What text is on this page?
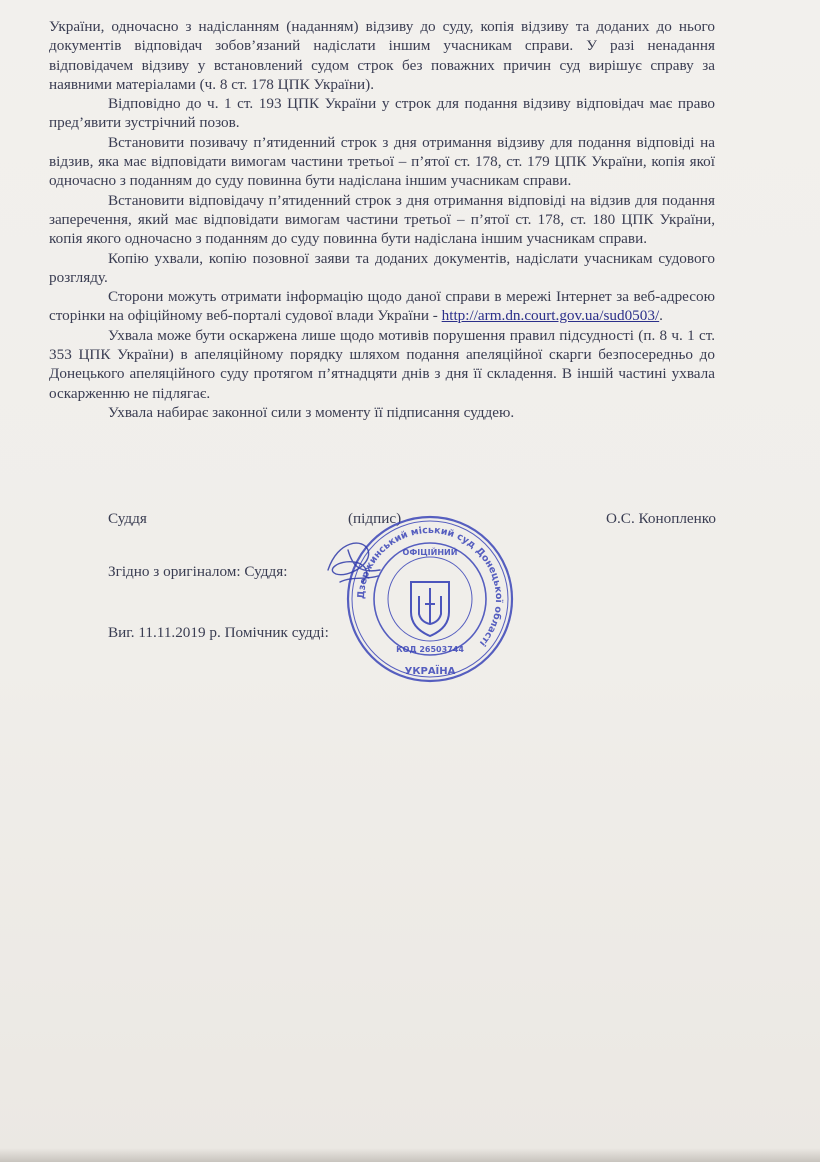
України, одночасно з надісланням (наданням) відзиву до суду, копія відзиву та доданих до нього документів відповідач зобов’язаний надіслати іншим учасникам справи. У разі ненадання відповідачем відзиву у встановлений судом строк без поважних причин суд вирішує справу за наявними матеріалами (ч. 8 ст. 178 ЦПК України).

Відповідно до ч. 1 ст. 193 ЦПК України у строк для подання відзиву відповідач має право пред’явити зустрічний позов.

Встановити позивачу п’ятиденний строк з дня отримання відзиву для подання відповіді на відзив, яка має відповідати вимогам частини третьої – п’ятої ст. 178, ст. 179 ЦПК України, копія якої одночасно з поданням до суду повинна бути надіслана іншим учасникам справи.

Встановити відповідачу п’ятиденний строк з дня отримання відповіді на відзив для подання заперечення, який має відповідати вимогам частини третьої – п’ятої ст. 178, ст. 180 ЦПК України, копія якого одночасно з поданням до суду повинна бути надіслана іншим учасникам справи.

Копію ухвали, копію позовної заяви та доданих документів, надіслати учасникам судового розгляду.

Сторони можуть отримати інформацію щодо даної справи в мережі Інтернет за веб-адресою сторінки на офіційному веб-порталі судової влади України - http://arm.dn.court.gov.ua/sud0503/.

Ухвала може бути оскаржена лише щодо мотивів порушення правил підсудності (п. 8 ч. 1 ст. 353 ЦПК України) в апеляційному порядку шляхом подання апеляційної скарги безпосередньо до Донецького апеляційного суду протягом п’ятнадцяти днів з дня її складення. В іншій частині ухвала оскарженню не підлягає.

Ухвала набирає законної сили з моменту її підписання суддею.

Суддя	(підпис)	О.С. Конопленко
Згідно з оригіналом: Суддя:
Виг. 11.11.2019 р. Помічник судді:
Дзержинський міський суд Донецької області
ОФІЦІЙНИЙ
КОД 26503744
УКРАЇНА
